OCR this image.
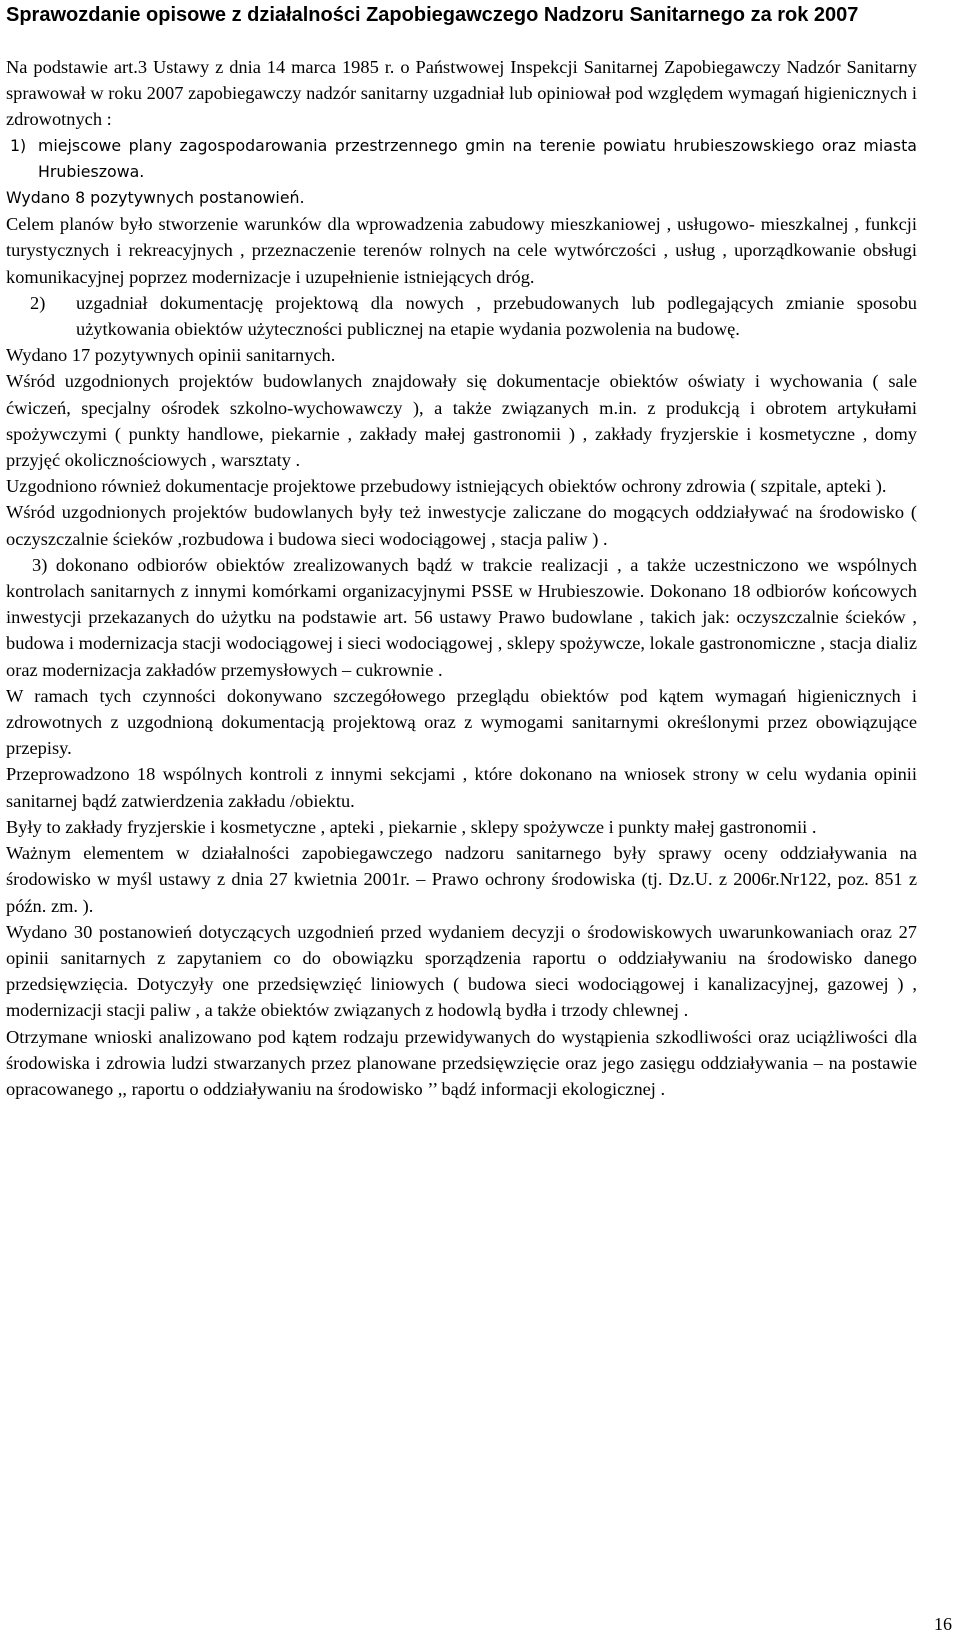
Sprawozdanie opisowe z działalności Zapobiegawczego Nadzoru Sanitarnego za rok 2007

Na podstawie art.3 Ustawy z dnia 14 marca 1985 r. o Państwowej Inspekcji Sanitarnej Zapobiegawczy Nadzór Sanitarny sprawował w roku 2007 zapobiegawczy nadzór sanitarny uzgadniał lub opiniował pod względem wymagań higienicznych i zdrowotnych :

1) miejscowe plany zagospodarowania przestrzennego gmin na terenie powiatu hrubieszowskiego oraz miasta Hrubieszowa.

Wydano 8 pozytywnych postanowień.

Celem planów było stworzenie warunków dla wprowadzenia zabudowy mieszkaniowej , usługowo- mieszkalnej , funkcji turystycznych i rekreacyjnych , przeznaczenie terenów rolnych na cele wytwórczości , usług , uporządkowanie obsługi komunikacyjnej poprzez modernizacje i uzupełnienie istniejących dróg.

2)	uzgadniał dokumentację projektową dla nowych , przebudowanych lub podlegających zmianie sposobu użytkowania obiektów użyteczności publicznej na etapie wydania pozwolenia na budowę.

Wydano 17 pozytywnych opinii sanitarnych.

Wśród uzgodnionych projektów budowlanych znajdowały się dokumentacje obiektów oświaty i wychowania ( sale ćwiczeń, specjalny ośrodek szkolno-wychowawczy ), a także związanych m.in. z produkcją i obrotem artykułami spożywczymi ( punkty handlowe, piekarnie , zakłady małej gastronomii ) , zakłady fryzjerskie i kosmetyczne , domy przyjęć okolicznościowych , warsztaty .

Uzgodniono również dokumentacje projektowe przebudowy istniejących obiektów ochrony zdrowia ( szpitale, apteki ).

Wśród uzgodnionych projektów budowlanych były też inwestycje zaliczane do mogących oddziaływać na środowisko ( oczyszczalnie ścieków ,rozbudowa i budowa sieci wodociągowej , stacja paliw ) .

3) dokonano odbiorów obiektów zrealizowanych bądź w trakcie realizacji , a także uczestniczono we wspólnych kontrolach sanitarnych z innymi komórkami organizacyjnymi PSSE w Hrubieszowie. Dokonano 18 odbiorów końcowych inwestycji przekazanych do użytku na podstawie art. 56 ustawy Prawo budowlane , takich jak: oczyszczalnie ścieków , budowa i modernizacja stacji wodociągowej i sieci wodociągowej , sklepy spożywcze, lokale gastronomiczne , stacja dializ oraz modernizacja zakładów przemysłowych – cukrownie .

W ramach tych czynności dokonywano szczegółowego przeglądu obiektów pod kątem wymagań higienicznych i zdrowotnych z uzgodnioną dokumentacją projektową oraz z wymogami sanitarnymi określonymi przez obowiązujące przepisy.

Przeprowadzono 18 wspólnych kontroli z innymi sekcjami , które dokonano na wniosek strony w celu wydania opinii sanitarnej bądź zatwierdzenia zakładu /obiektu.

Były to zakłady fryzjerskie i kosmetyczne , apteki , piekarnie , sklepy spożywcze i punkty małej gastronomii .

Ważnym elementem w działalności zapobiegawczego nadzoru sanitarnego były sprawy oceny oddziaływania na środowisko w myśl ustawy z dnia 27 kwietnia 2001r. – Prawo ochrony środowiska (tj. Dz.U. z 2006r.Nr122, poz. 851 z późn. zm. ).

Wydano 30 postanowień dotyczących uzgodnień przed wydaniem decyzji o środowiskowych uwarunkowaniach oraz 27 opinii sanitarnych z zapytaniem co do obowiązku sporządzenia raportu o oddziaływaniu na środowisko danego przedsięwzięcia. Dotyczyły one przedsięwzięć liniowych ( budowa sieci wodociągowej i kanalizacyjnej, gazowej ) , modernizacji stacji paliw , a także obiektów związanych z hodowlą bydła i trzody chlewnej .

Otrzymane wnioski analizowano pod kątem rodzaju przewidywanych do wystąpienia szkodliwości oraz uciążliwości dla środowiska i zdrowia ludzi stwarzanych przez planowane przedsięwzięcie oraz jego zasięgu oddziaływania – na postawie opracowanego ,, raportu o oddziaływaniu na środowisko ’’ bądź informacji ekologicznej .

16
